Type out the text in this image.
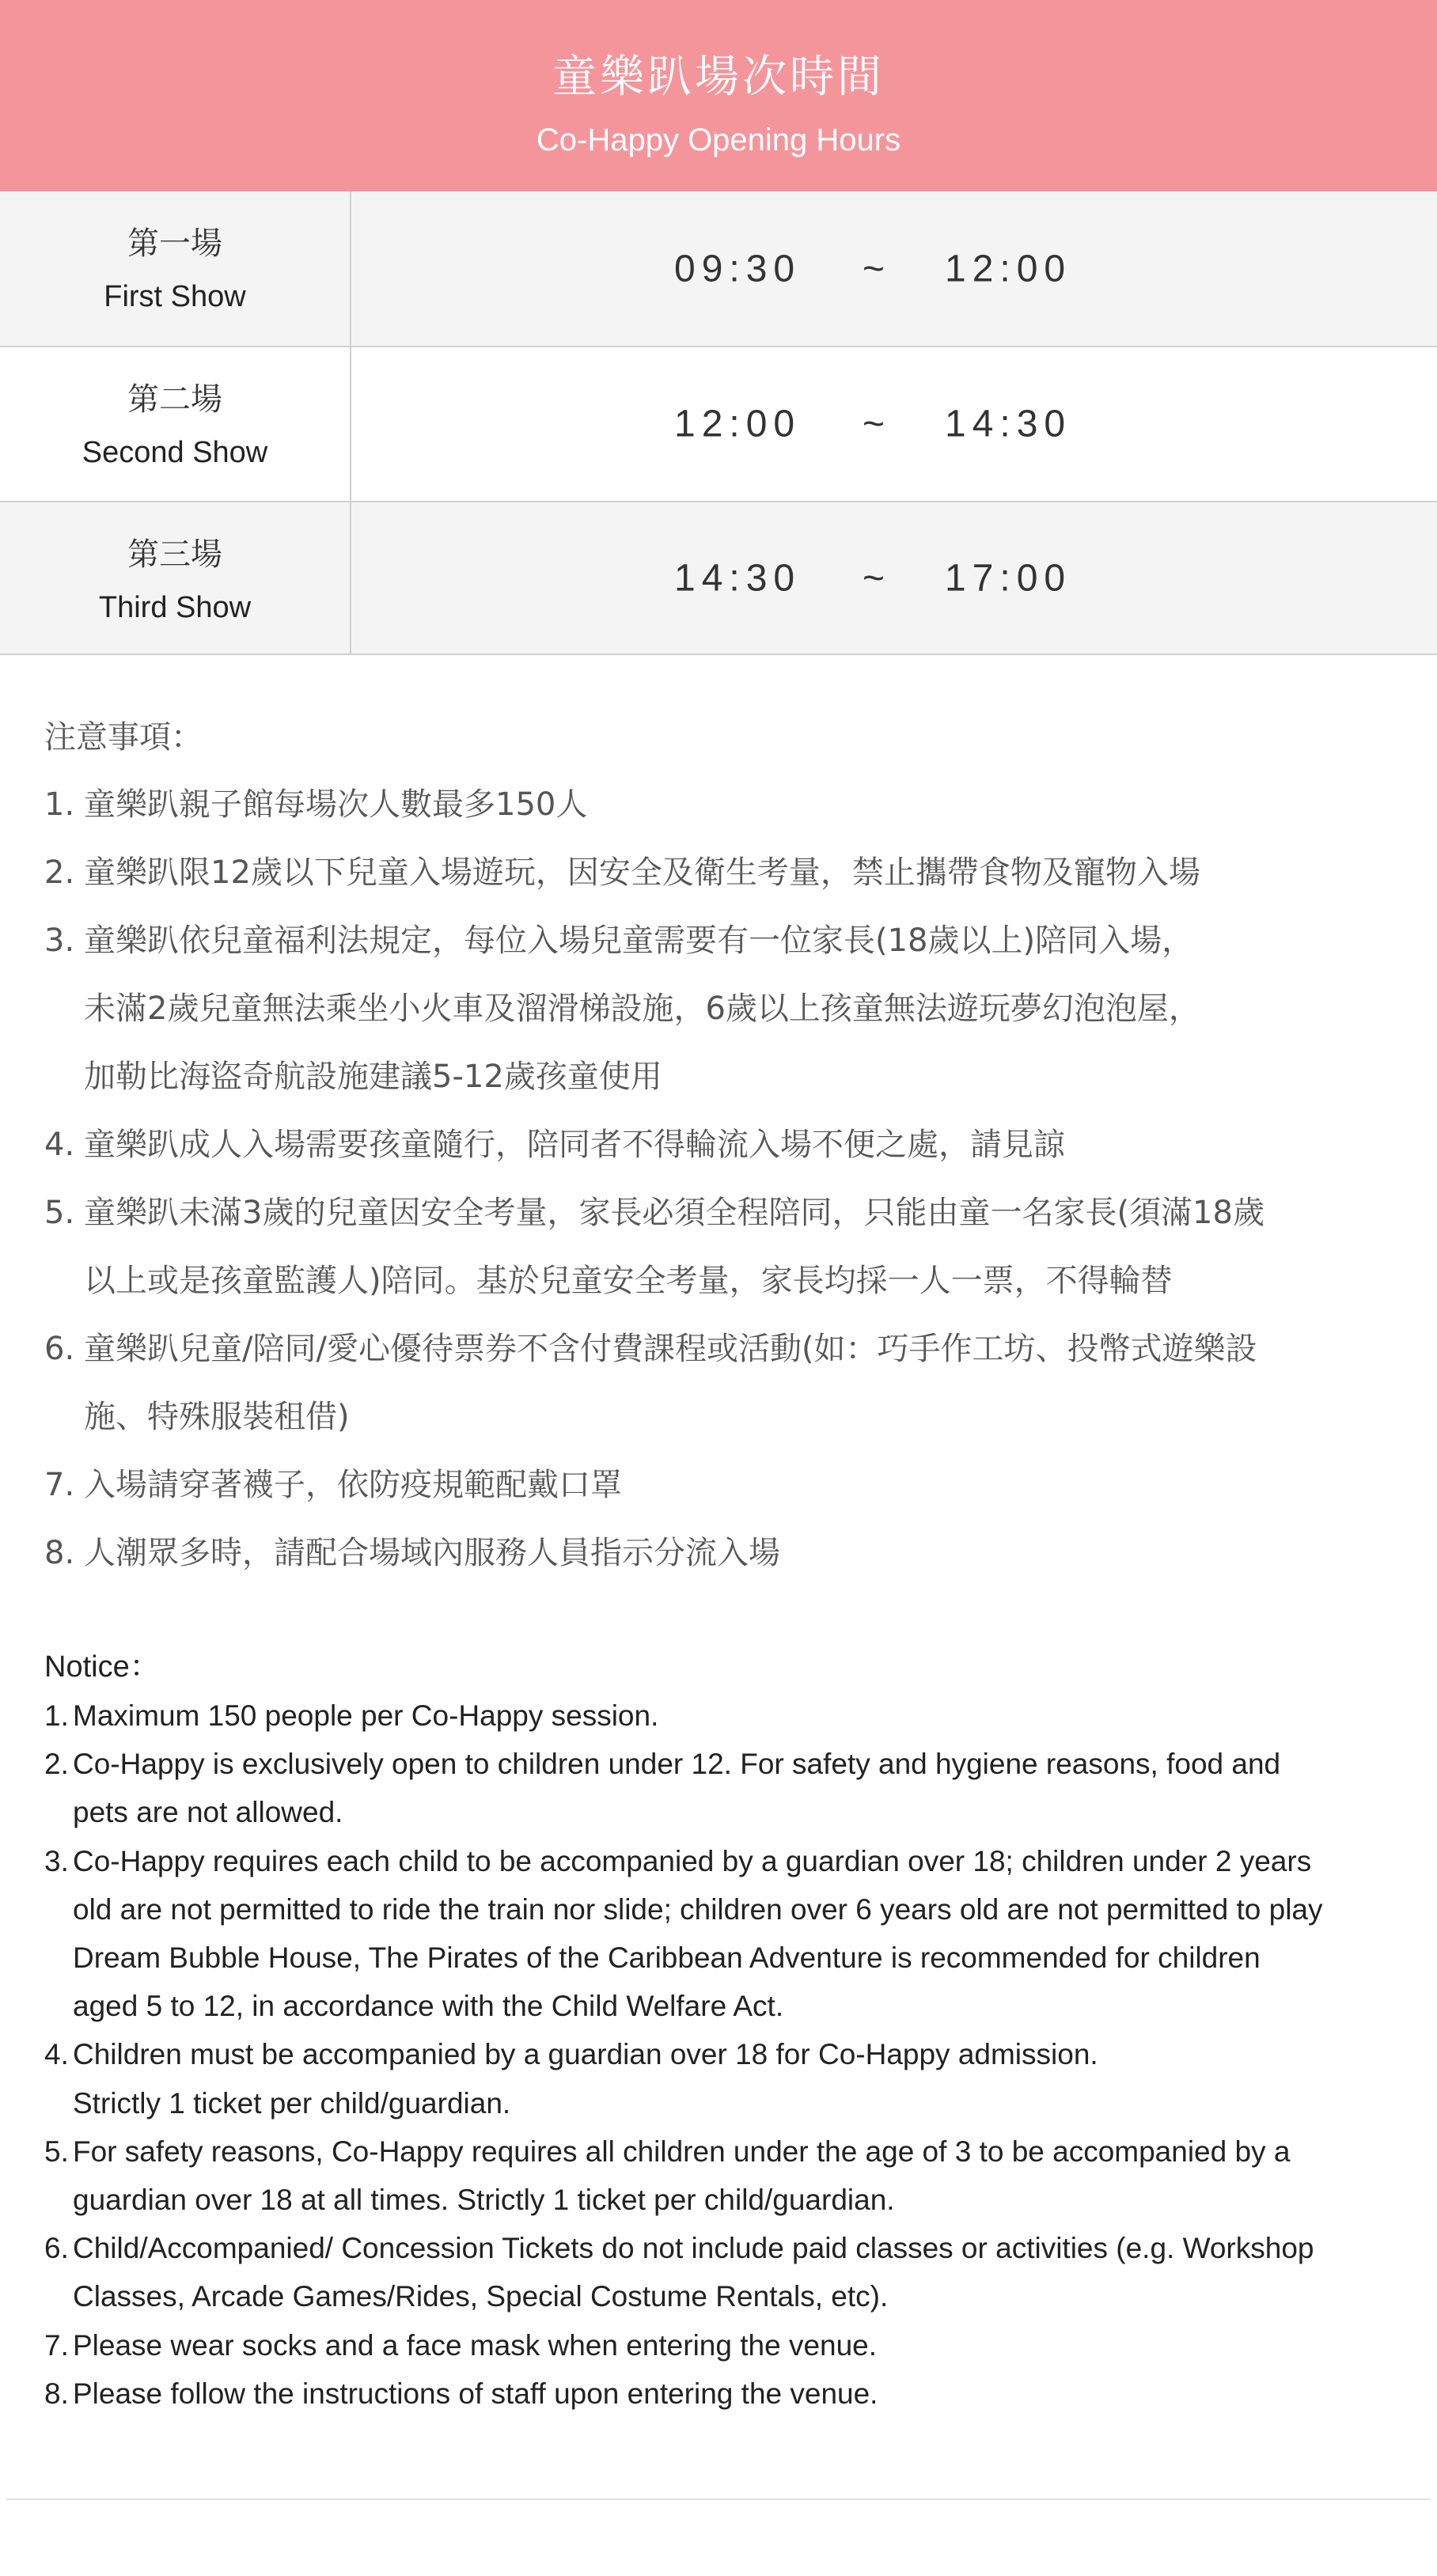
童樂趴場次時間
Co-Happy Opening Hours
第一場
First Show
09:30 ~ 12:00
第二場
Second Show
12:00 ~ 14:30
第三場
Third Show
14:30 ~ 17:00
注意事項：
1. 童樂趴親子館每場次人數最多150人
2. 童樂趴限12歲以下兒童入場遊玩，因安全及衛生考量，禁止攜帶食物及寵物入場
3. 童樂趴依兒童福利法規定，每位入場兒童需要有一位家長(18歲以上)陪同入場，
未滿2歲兒童無法乘坐小火車及溜滑梯設施，6歲以上孩童無法遊玩夢幻泡泡屋，
加勒比海盜奇航設施建議5-12歲孩童使用
4. 童樂趴成人入場需要孩童隨行，陪同者不得輪流入場不便之處，請見諒
5. 童樂趴未滿3歲的兒童因安全考量，家長必須全程陪同，只能由童一名家長(須滿18歲
以上或是孩童監護人)陪同。基於兒童安全考量，家長均採一人一票，不得輪替
6. 童樂趴兒童/陪同/愛心優待票券不含付費課程或活動(如：巧手作工坊、投幣式遊樂設
施、特殊服裝租借)
7. 入場請穿著襪子，依防疫規範配戴口罩
8. 人潮眾多時，請配合場域內服務人員指示分流入場
Notice：
1. Maximum 150 people per Co-Happy session.
2. Co-Happy is exclusively open to children under 12. For safety and hygiene reasons, food and
pets are not allowed.
3. Co-Happy requires each child to be accompanied by a guardian over 18; children under 2 years
old are not permitted to ride the train nor slide; children over 6 years old are not permitted to play
Dream Bubble House, The Pirates of the Caribbean Adventure is recommended for children
aged 5 to 12, in accordance with the Child Welfare Act.
4. Children must be accompanied by a guardian over 18 for Co-Happy admission.
Strictly 1 ticket per child/guardian.
5. For safety reasons, Co-Happy requires all children under the age of 3 to be accompanied by a
guardian over 18 at all times. Strictly 1 ticket per child/guardian.
6. Child/Accompanied/ Concession Tickets do not include paid classes or activities (e.g. Workshop
Classes, Arcade Games/Rides, Special Costume Rentals, etc).
7. Please wear socks and a face mask when entering the venue.
8. Please follow the instructions of staff upon entering the venue.
